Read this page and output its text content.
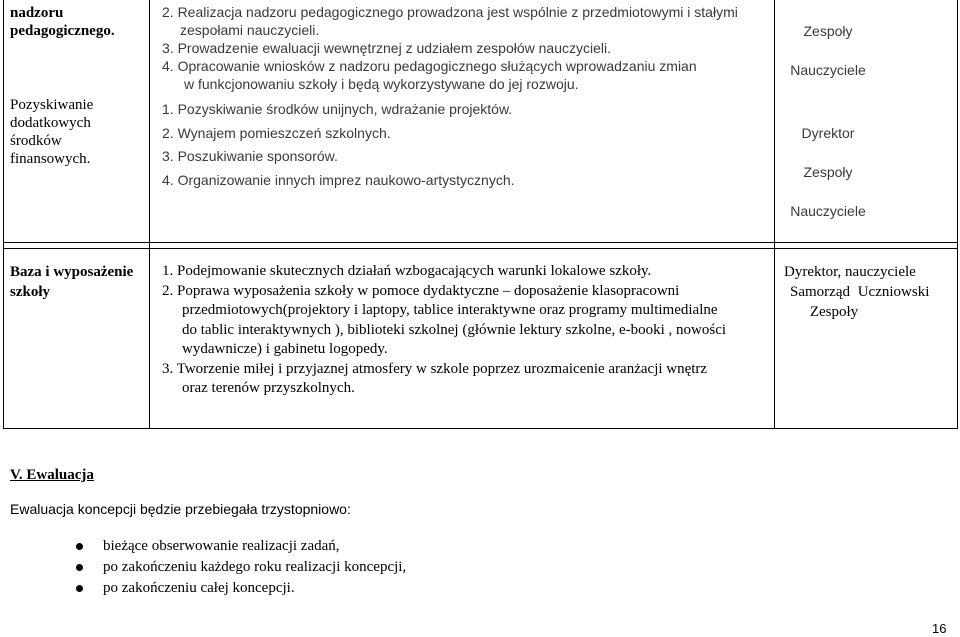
nadzoru pedagogicznego.
2. Realizacja nadzoru pedagogicznego prowadzona jest wspólnie z przedmiotowymi i stałymi
zespołami nauczycieli.
3. Prowadzenie ewaluacji wewnętrznej z udziałem zespołów nauczycieli.
4. Opracowanie wniosków z nadzoru pedagogicznego służących wprowadzaniu zmian
w funkcjonowaniu szkoły i będą wykorzystywane do jej rozwoju.
Zespoły
Nauczyciele
Pozyskiwanie dodatkowych środków finansowych.
1. Pozyskiwanie środków unijnych, wdrażanie projektów.
2. Wynajem pomieszczeń szkolnych.
3. Poszukiwanie sponsorów.
4. Organizowanie innych imprez naukowo-artystycznych.
Dyrektor
Zespoły
Nauczyciele
Baza i wyposażenie szkoły
1. Podejmowanie skutecznych działań wzbogacających warunki lokalowe szkoły.
2. Poprawa wyposażenia szkoły w pomoce dydaktyczne – doposażenie klasopracowni
przedmiotowych(projektory i laptopy, tablice interaktywne oraz programy multimedialne
do tablic interaktywnych ), biblioteki szkolnej (głównie lektury szkolne, e-booki , nowości
wydawnicze) i gabinetu logopedy.
3. Tworzenie miłej i przyjaznej atmosfery w szkole poprzez urozmaicenie aranżacji wnętrz
oraz terenów przyszkolnych.
Dyrektor, nauczyciele
Samorząd Uczniowski
Zespoły
V. Ewaluacja
Ewaluacja koncepcji będzie przebiegała trzystopniowo:
bieżące obserwowanie realizacji zadań,
po zakończeniu każdego roku realizacji koncepcji,
po zakończeniu całej koncepcji.
16
